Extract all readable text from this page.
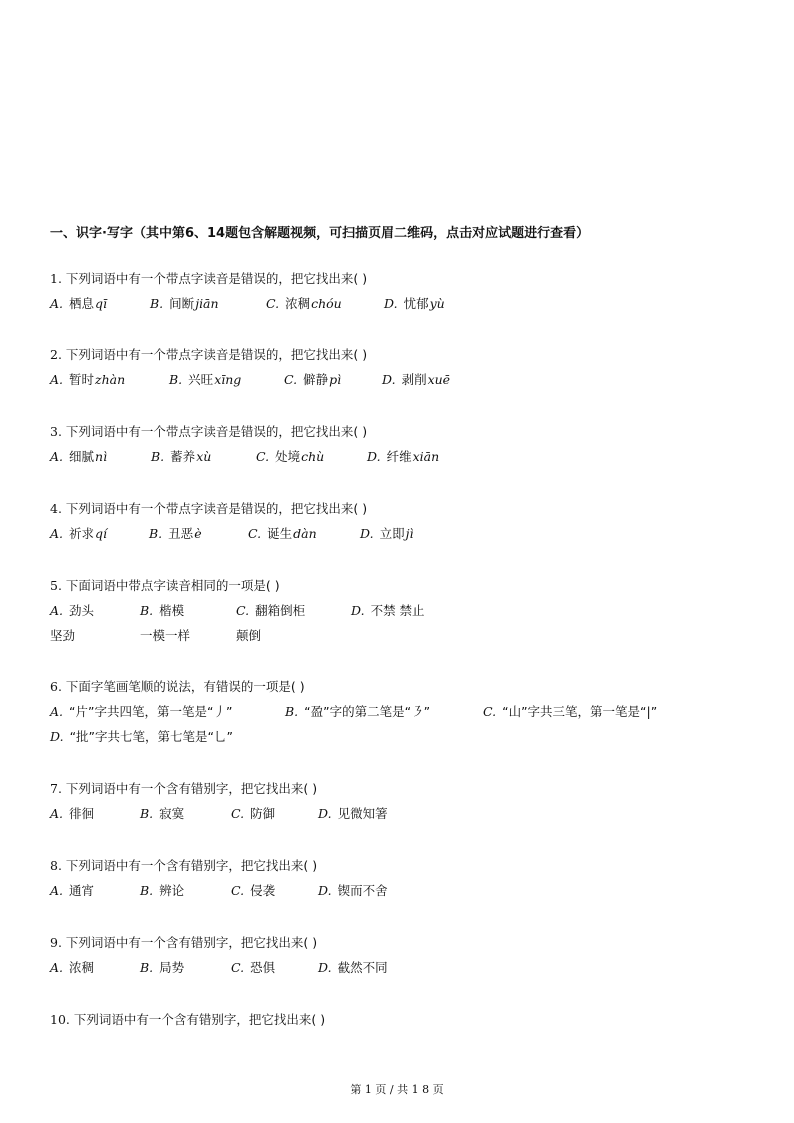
一、识字·写字（其中第6、14题包含解题视频，可扫描页眉二维码，点击对应试题进行查看）
1. 下列词语中有一个带点字读音是错误的，把它找出来( )
A. 栖息qī	B. 间断jiān	C. 浓稠chóu	D. 忧郁yù
2. 下列词语中有一个带点字读音是错误的，把它找出来( )
A. 暂时zhàn	B. 兴旺xīng	C. 僻静pì	D. 剥削xuē
3. 下列词语中有一个带点字读音是错误的，把它找出来( )
A. 细腻nì	B. 蓄养xù	C. 处境chù	D. 纤维xiān
4. 下列词语中有一个带点字读音是错误的，把它找出来( )
A. 祈求qí	B. 丑恶è	C. 诞生dàn	D. 立即jì
5. 下面词语中带点字读音相同的一项是( )
A. 劲头	B. 楷模	C. 翻箱倒柜	D. 不禁 禁止
坚劲	一模一样	颠倒
6. 下面字笔画笔顺的说法，有错误的一项是( )
A. “片”字共四笔，第一笔是“丿”	B. “盈”字的第二笔是“㇋”	C. “山”字共三笔，第一笔是“|”
D. “批”字共七笔，第七笔是“乚”
7. 下列词语中有一个含有错别字，把它找出来( )
A. 徘徊	B. 寂寞	C. 防御	D. 见微知箸
8. 下列词语中有一个含有错别字，把它找出来( )
A. 通宵	B. 辨论	C. 侵袭	D. 锲而不舍
9. 下列词语中有一个含有错别字，把它找出来( )
A. 浓稠	B. 局势	C. 恐俱	D. 截然不同
10. 下列词语中有一个含有错别字，把它找出来( )
第 1 页 / 共 1 8 页
